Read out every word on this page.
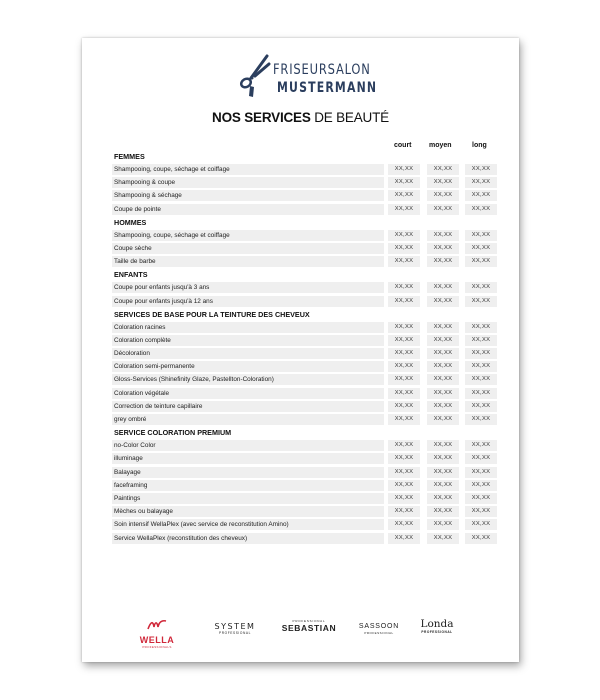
FRISEURSALON
MUSTERMANN
NOS SERVICES DE BEAUTÉ
court	moyen	long
FEMMES
Shampooing, coupe, séchage et coiffage	XX,XX	XX,XX	XX,XX
Shampooing & coupe	XX,XX	XX,XX	XX,XX
Shampooing & séchage	XX,XX	XX,XX	XX,XX
Coupe de pointe	XX,XX	XX,XX	XX,XX
HOMMES
Shampooing, coupe, séchage et coiffage	XX,XX	XX,XX	XX,XX
Coupe sèche	XX,XX	XX,XX	XX,XX
Taille de barbe	XX,XX	XX,XX	XX,XX
ENFANTS
Coupe pour enfants jusqu'à 3 ans	XX,XX	XX,XX	XX,XX
Coupe pour enfants jusqu'à 12 ans	XX,XX	XX,XX	XX,XX
SERVICES DE BASE POUR LA TEINTURE DES CHEVEUX
Coloration racines	XX,XX	XX,XX	XX,XX
Coloration complète	XX,XX	XX,XX	XX,XX
Décoloration	XX,XX	XX,XX	XX,XX
Coloration semi-permanente	XX,XX	XX,XX	XX,XX
Gloss-Services (Shinefinity Glaze, Pastellton-Coloration)	XX,XX	XX,XX	XX,XX
Coloration végétale	XX,XX	XX,XX	XX,XX
Correction de teinture capillaire	XX,XX	XX,XX	XX,XX
grey ombré	XX,XX	XX,XX	XX,XX
SERVICE COLORATION PREMIUM
no-Color Color	XX,XX	XX,XX	XX,XX
illuminage	XX,XX	XX,XX	XX,XX
Balayage	XX,XX	XX,XX	XX,XX
faceframing	XX,XX	XX,XX	XX,XX
Paintings	XX,XX	XX,XX	XX,XX
Mèches ou balayage	XX,XX	XX,XX	XX,XX
Soin intensif WellaPlex (avec service de reconstitution Amino)	XX,XX	XX,XX	XX,XX
Service WellaPlex (reconstitution des cheveux)	XX,XX	XX,XX	XX,XX
WELLA
PROFESSIONALS
SYSTEM
PROFESSIONAL
PROFESSIONAL
SEBASTIAN	SASSOON
PROFESSIONAL
Londa
PROFESSIONAL
